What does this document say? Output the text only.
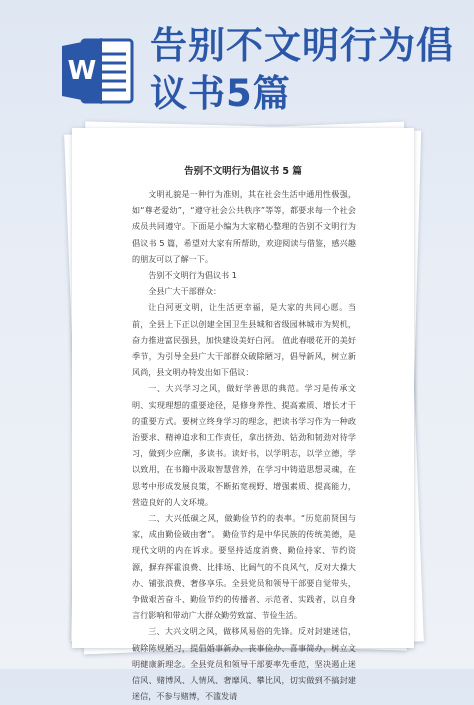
W
告别不文明行为倡
议书5篇
告别不文明行为倡议书 5 篇

文明礼貌是一种行为准则，其在社会生活中通用性极强，如“尊老爱幼”，“遵守社会公共秩序”等等，都要求每一个社会成员共同遵守。下面是小编为大家精心整理的告别不文明行为倡议书 5 篇，希望对大家有所帮助，欢迎阅读与借鉴，感兴趣的朋友可以了解一下。

告别不文明行为倡议书 1

全县广大干部群众：

让白河更文明，让生活更幸福，是大家的共同心愿。当前，全县上下正以创建全国卫生县城和省级园林城市为契机，奋力推进富民强县，加快建设美好白河。 值此春暖花开的美好季节，为引导全县广大干部群众破除陋习，倡导新风，树立新风尚，县文明办特发出如下倡议：

一、大兴学习之风，做好学善思的典范。学习是传承文明、实现理想的重要途径，是修身养性、提高素质、增长才干的重要方式。要树立终身学习的理念，把读书学习作为一种政治要求、精神追求和工作责任，拿出挤劲、钻劲和韧劲对待学习，做到少应酬，多读书。读好书，以学明志，以学立德，学以致用，在书籍中汲取智慧营养，在学习中铸造思想灵魂，在思考中形成发展良策，不断拓宽视野、增强素质、提高能力，营造良好的人文环境。

二、大兴低碳之风，做勤俭节约的表率。“历览前贤国与家，成由勤俭破由奢”。 勤俭节约是中华民族的传统美德，是现代文明的内在诉求。要坚持适度消费、勤俭持家、节约资源，摒弃挥霍浪费、比排场、比阔气的不良风气，反对大操大办、铺张浪费、奢侈享乐。全县党员和领导干部要自觉带头，争做艰苦奋斗、勤俭节约的传播者、示范者、实践者，以自身言行影响和带动广大群众勤劳致富、节俭生活。

三、大兴文明之风，做移风易俗的先锋。反对封建迷信，破除陈规陋习，提倡婚事新办、丧事俭办、喜事简办，树立文明健康新理念。全县党员和领导干部要率先垂范，坚决遏止迷信风、赌博风、人情风、奢靡风、攀比风，切实做到不搞封建迷信，不参与赌博，不滥发请
